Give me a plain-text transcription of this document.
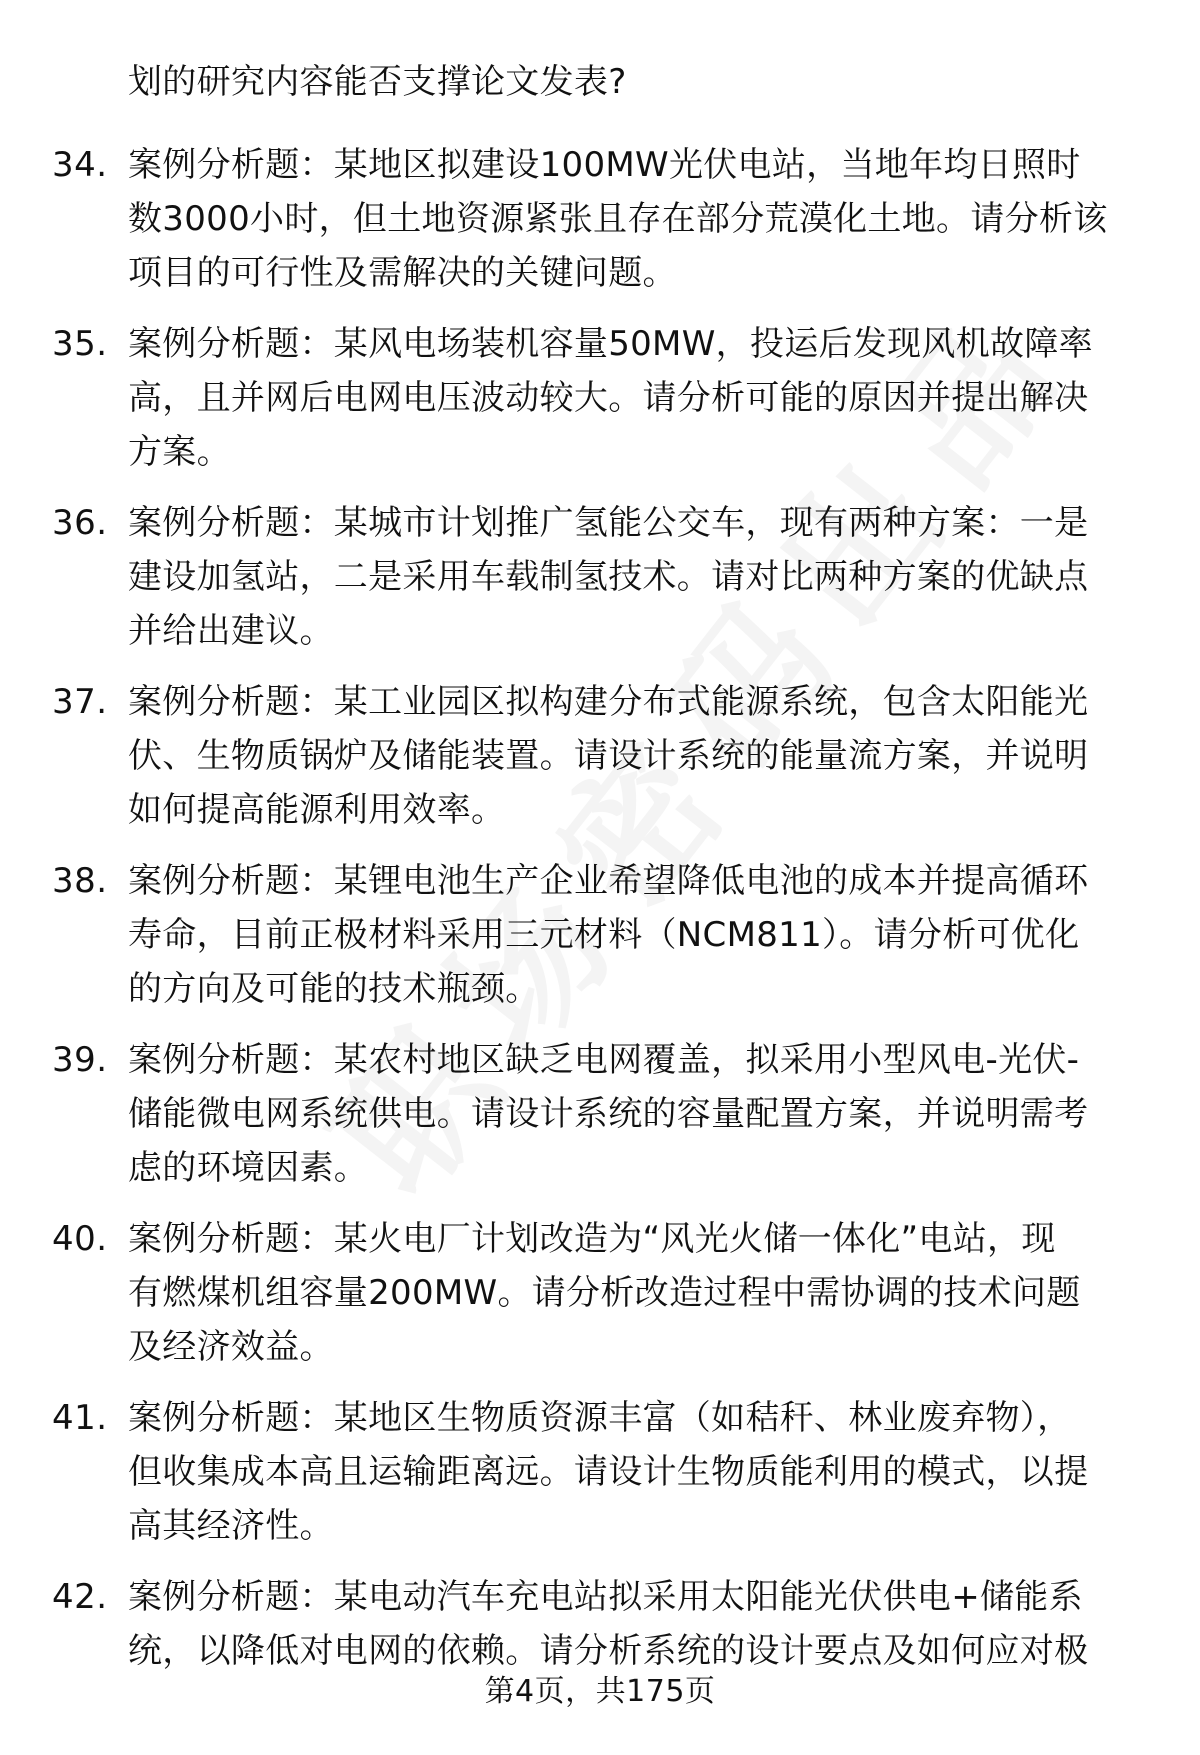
划的研究内容能否支撑论文发表?
34. 案例分析题：某地区拟建设100MW光伏电站，当地年均日照时
数3000小时，但土地资源紧张且存在部分荒漠化土地。请分析该
项目的可行性及需解决的关键问题。
35. 案例分析题：某风电场装机容量50MW，投运后发现风机故障率
高，且并网后电网电压波动较大。请分析可能的原因并提出解决
方案。
36. 案例分析题：某城市计划推广氢能公交车，现有两种方案：一是
建设加氢站，二是采用车载制氢技术。请对比两种方案的优缺点
并给出建议。
37. 案例分析题：某工业园区拟构建分布式能源系统，包含太阳能光
伏、生物质锅炉及储能装置。请设计系统的能量流方案，并说明
如何提高能源利用效率。
38. 案例分析题：某锂电池生产企业希望降低电池的成本并提高循环
寿命，目前正极材料采用三元材料（NCM811）。请分析可优化
的方向及可能的技术瓶颈。
39. 案例分析题：某农村地区缺乏电网覆盖，拟采用小型风电-光伏-
储能微电网系统供电。请设计系统的容量配置方案，并说明需考
虑的环境因素。
40. 案例分析题：某火电厂计划改造为“风光火储一体化”电站，现
有燃煤机组容量200MW。请分析改造过程中需协调的技术问题
及经济效益。
41. 案例分析题：某地区生物质资源丰富（如秸秆、林业废弃物），
但收集成本高且运输距离远。请设计生物质能利用的模式，以提
高其经济性。
42. 案例分析题：某电动汽车充电站拟采用太阳能光伏供电+储能系
统，以降低对电网的依赖。请分析系统的设计要点及如何应对极
第4页，共175页
